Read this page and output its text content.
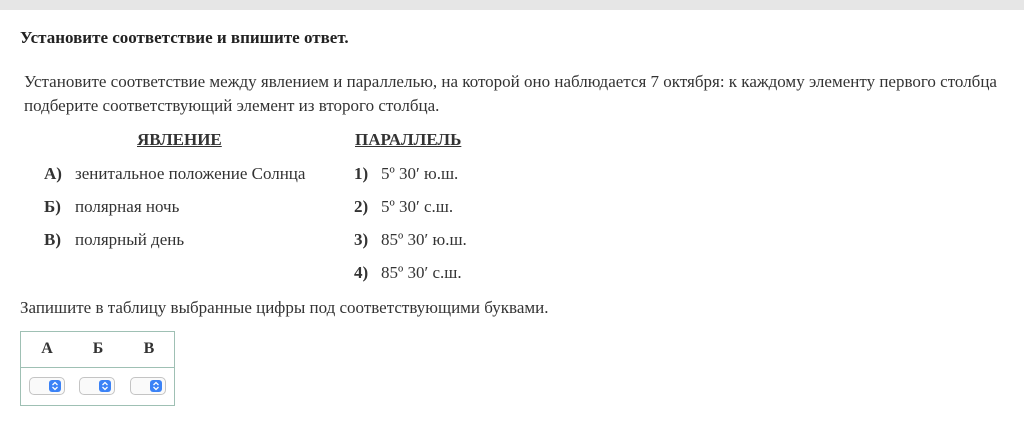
Установите соответствие и впишите ответ.
Установите соответствие между явлением и параллелью, на которой оно наблюдается 7 октября: к каждому элементу первого столбца подберите соответствующий элемент из второго столбца.
ЯВЛЕНИЕ	ПАРАЛЛЕЛЬ
А) зенитальное положение Солнца
Б) полярная ночь
В) полярный день
1) 5º 30′ ю.ш.
2) 5º 30′ с.ш.
3) 85º 30′ ю.ш.
4) 85º 30′ с.ш.
Запишите в таблицу выбранные цифры под соответствующими буквами.
А	Б	В
